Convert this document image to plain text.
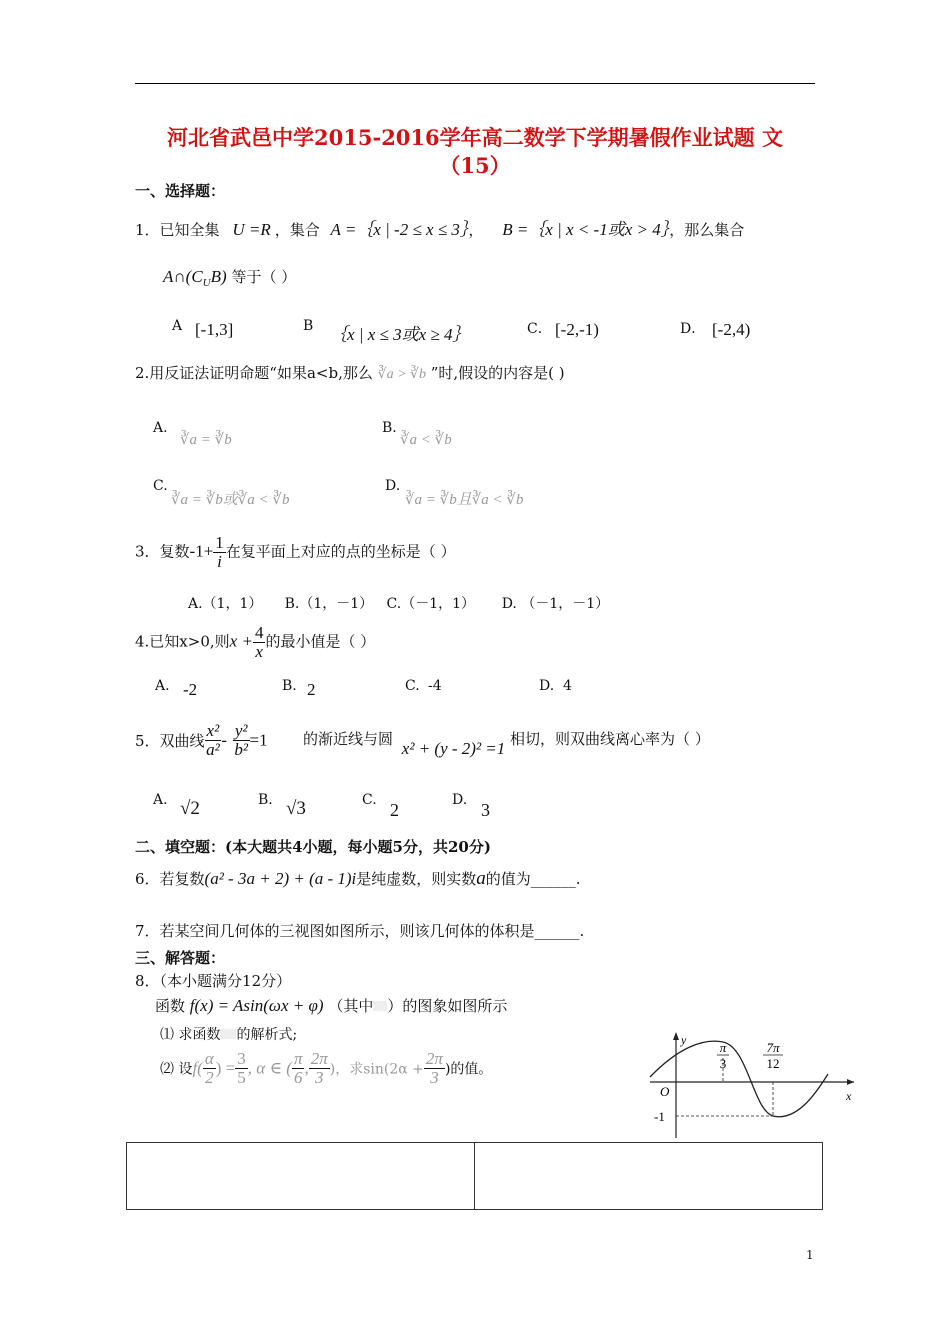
河北省武邑中学2015-2016学年高二数学下学期暑假作业试题 文
（15）
一、选择题：
1．已知全集 U =R ，集合 A =｛x | -2 ≤ x ≤ 3｝， B =｛x | x < -1或x > 4｝，那么集合
$A\cap(C_UB)$ 等于（ ）
A [-1,3]	B ｛x | x ≤ 3或x ≥ 4｝	C． [-2,-1)	D． [-2,4)
2.用反证法证明命题“如果a<b,那么 ∛a > ∛b ”时,假设的内容是( )
A.
∛a = ∛b
B.
∛a < ∛b
C.
∛a = ∛b或∛a < ∛b
D.
∛a = ∛b且∛a < ∛b
3．复数$-1+ \frac{1}{i}$ 在复平面上对应的点的坐标是（ ）
A.（1，1）     B.（1，－1）   C.（－1，1）      D. （－1，－1）
4.已知x>0,则$x + \frac{4}{x}$ 的最小值是（ ）
A. -2	B. 2	C. -4	D. 4
5．双曲线 $\frac{\text{x²}}{\text{a²}} - \frac{\text{y²}}{\text{b²}} =1$ 的渐近线与圆 x² + (y - 2)² =1 相切，则双曲线离心率为（ ）
A. √2	B. √3	C. 2	D. 3
二、填空题：(本大题共4小题，每小题5分，共20分)
6．若复数(a² - 3a + 2) + (a - 1)i是纯虚数，则实数a的值为______.
7．若某空间几何体的三视图如图所示，则该几何体的体积是______.
三、解答题：
8．（本小题满分12分）
函数 f(x) = Asin(ωx + φ) （其中 ）的图象如图所示
⑴ 求函数 的解析式;
⑵ 设$f( \frac{\alpha}{2}$ ) = $\frac{3}{5}$ , α ∈ ( $\frac{\pi}{6}$ , $\frac{2\pi}{3}$ )，求$\sin(2\alpha + \frac{2\pi}{3}$ )的值。
y
x
O
-1
π
3
7π
12

1
